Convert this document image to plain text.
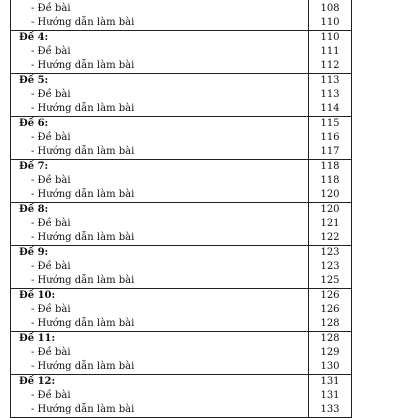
- Đề bài	108
- Hướng dẫn làm bài	110
Đề 4:	110
- Đề bài	111
- Hướng dẫn làm bài	112
Đề 5:	113
- Đề bài	113
- Hướng dẫn làm bài	114
Đề 6:	115
- Đề bài	116
- Hướng dẫn làm bài	117
Đề 7:	118
- Đề bài	118
- Hướng dẫn làm bài	120
Đề 8:	120
- Đề bài	121
- Hướng dẫn làm bài	122
Đề 9:	123
- Đề bài	123
- Hướng dẫn làm bài	125
Đề 10:	126
- Đề bài	126
- Hướng dẫn làm bài	128
Đề 11:	128
- Đề bài	129
- Hướng dẫn làm bài	130
Đề 12:	131
- Đề bài	131
- Hướng dẫn làm bài	133
